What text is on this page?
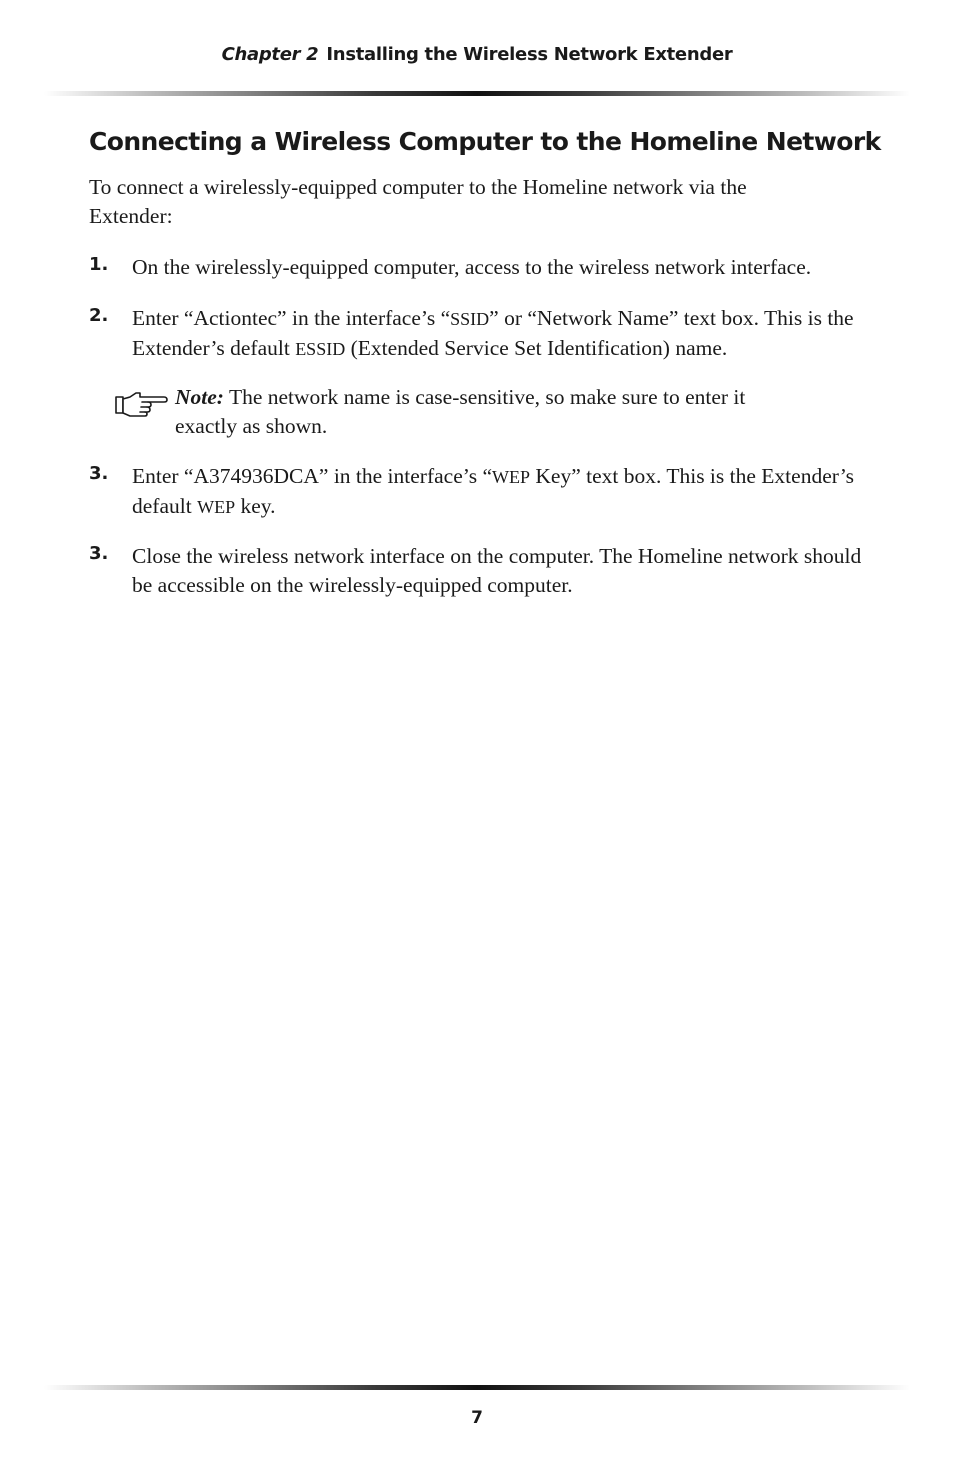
Chapter 2 Installing the Wireless Network Extender
Connecting a Wireless Computer to the Homeline Network

To connect a wirelessly-equipped computer to the Homeline network via the Extender:

1. On the wirelessly-equipped computer, access to the wireless network interface.
2. Enter “Actiontec” in the interface’s “SSID” or “Network Name” text box. This is the Extender’s default ESSID (Extended Service Set Identification) name.
Note: The network name is case-sensitive, so make sure to enter it exactly as shown.
3. Enter “A374936DCA” in the interface’s “WEP Key” text box. This is the Extender’s default WEP key.
3. Close the wireless network interface on the computer. The Homeline network should be accessible on the wirelessly-equipped computer.
7
